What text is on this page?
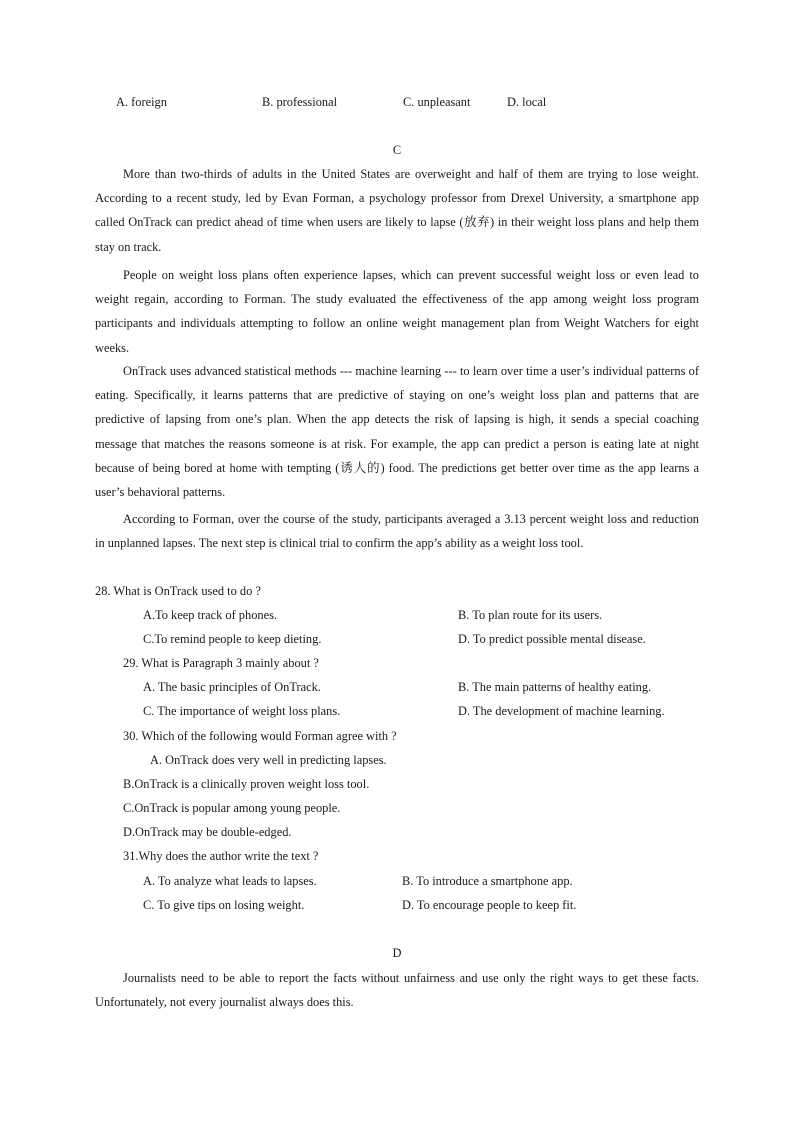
A. foreign	B. professional	C. unpleasant	D. local
C

More than two-thirds of adults in the United States are overweight and half of them are trying to lose weight. According to a recent study, led by Evan Forman, a psychology professor from Drexel University, a smartphone app called OnTrack can predict ahead of time when users are likely to lapse (放弃) in their weight loss plans and help them stay on track.

People on weight loss plans often experience lapses, which can prevent successful weight loss or even lead to weight regain, according to Forman. The study evaluated the effectiveness of the app among weight loss program participants and individuals attempting to follow an online weight management plan from Weight Watchers for eight weeks.

OnTrack uses advanced statistical methods --- machine learning --- to learn over time a user’s individual patterns of eating. Specifically, it learns patterns that are predictive of staying on one’s weight loss plan and patterns that are predictive of lapsing from one’s plan. When the app detects the risk of lapsing is high, it sends a special coaching message that matches the reasons someone is at risk. For example, the app can predict a person is eating late at night because of being bored at home with tempting (诱人的) food. The predictions get better over time as the app learns a user’s behavioral patterns.

According to Forman, over the course of the study, participants averaged a 3.13 percent weight loss and reduction in unplanned lapses. The next step is clinical trial to confirm the app’s ability as a weight loss tool.

28. What is OnTrack used to do ?
A.To keep track of phones.	B. To plan route for its users.
C.To remind people to keep dieting.	D. To predict possible mental disease.
29. What is Paragraph 3 mainly about ?
A. The basic principles of OnTrack.	B. The main patterns of healthy eating.
C. The importance of weight loss plans.	D. The development of machine learning.
30. Which of the following would Forman agree with ?
A. OnTrack does very well in predicting lapses.
B.OnTrack is a clinically proven weight loss tool.
C.OnTrack is popular among young people.
D.OnTrack may be double-edged.
31.Why does the author write the text ?
A. To analyze what leads to lapses.	B. To introduce a smartphone app.
C. To give tips on losing weight.	D. To encourage people to keep fit.
D

Journalists need to be able to report the facts without unfairness and use only the right ways to get these facts. Unfortunately, not every journalist always does this.
